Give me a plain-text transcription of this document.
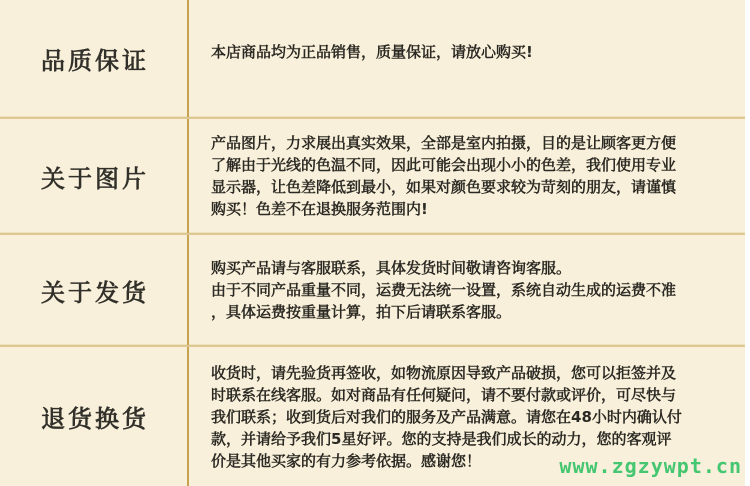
品质保证	本店商品均为正品销售，质量保证，请放心购买!
关于图片
产品图片，力求展出真实效果，全部是室内拍摄，目的是让顾客更方便
了解由于光线的色温不同，因此可能会出现小小的色差，我们使用专业
显示器，让色差降低到最小，如果对颜色要求较为苛刻的朋友，请谨慎
购买！色差不在退换服务范围内!
关于发货
购买产品请与客服联系，具体发货时间敬请咨询客服。
由于不同产品重量不同，运费无法统一设置，系统自动生成的运费不准
，具体运费按重量计算，拍下后请联系客服。
退货换货
收货时，请先验货再签收，如物流原因导致产品破损，您可以拒签并及
时联系在线客服。如对商品有任何疑问，请不要付款或评价，可尽快与
我们联系；收到货后对我们的服务及产品满意。请您在48小时内确认付
款，并请给予我们5星好评。您的支持是我们成长的动力，您的客观评
价是其他买家的有力参考依据。感谢您！	www.zgzywpt.cn
